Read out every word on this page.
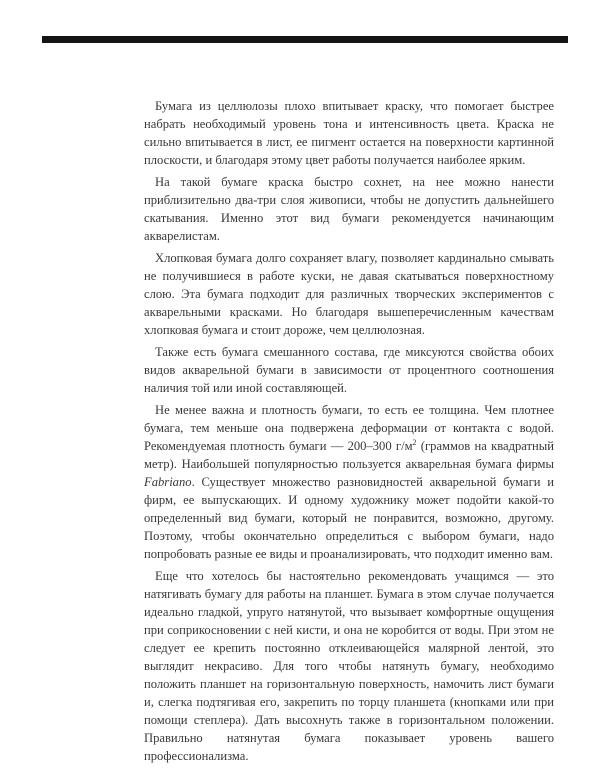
Бумага из целлюлозы плохо впитывает краску, что помогает быстрее набрать необходимый уровень тона и интенсивность цвета. Краска не сильно впитывается в лист, ее пигмент остается на поверхности картинной плоскости, и благодаря этому цвет работы получается наиболее ярким.

На такой бумаге краска быстро сохнет, на нее можно нанести приблизительно два-три слоя живописи, чтобы не допустить дальнейшего скатывания. Именно этот вид бумаги рекомендуется начинающим акварелистам.

Хлопковая бумага долго сохраняет влагу, позволяет кардинально смывать не получившиеся в работе куски, не давая скатываться поверхностному слою. Эта бумага подходит для различных творческих экспериментов с акварельными красками. Но благодаря вышеперечисленным качествам хлопковая бумага и стоит дороже, чем целлюлозная.

Также есть бумага смешанного состава, где миксуются свойства обоих видов акварельной бумаги в зависимости от процентного соотношения наличия той или иной составляющей.

Не менее важна и плотность бумаги, то есть ее толщина. Чем плотнее бумага, тем меньше она подвержена деформации от контакта с водой. Рекомендуемая плотность бумаги — 200–300 $г/м^2$ (граммов на квадратный метр). Наибольшей популярностью пользуется акварельная бумага фирмы Fabriano. Существует множество разновидностей акварельной бумаги и фирм, ее выпускающих. И одному художнику может подойти какой-то определенный вид бумаги, который не понравится, возможно, другому. Поэтому, чтобы окончательно определиться с выбором бумаги, надо попробовать разные ее виды и проанализировать, что подходит именно вам.

Еще что хотелось бы настоятельно рекомендовать учащимся — это натягивать бумагу для работы на планшет. Бумага в этом случае получается идеально гладкой, упруго натянутой, что вызывает комфортные ощущения при соприкосновении с ней кисти, и она не коробится от воды. При этом не следует ее крепить постоянно отклеивающейся малярной лентой, это выглядит некрасиво. Для того чтобы натянуть бумагу, необходимо положить планшет на горизонтальную поверхность, намочить лист бумаги и, слегка подтягивая его, закрепить по торцу планшета (кнопками или при помощи степлера). Дать высохнуть также в горизонтальном положении. Правильно натянутая бумага показывает уровень вашего профессионализма.
